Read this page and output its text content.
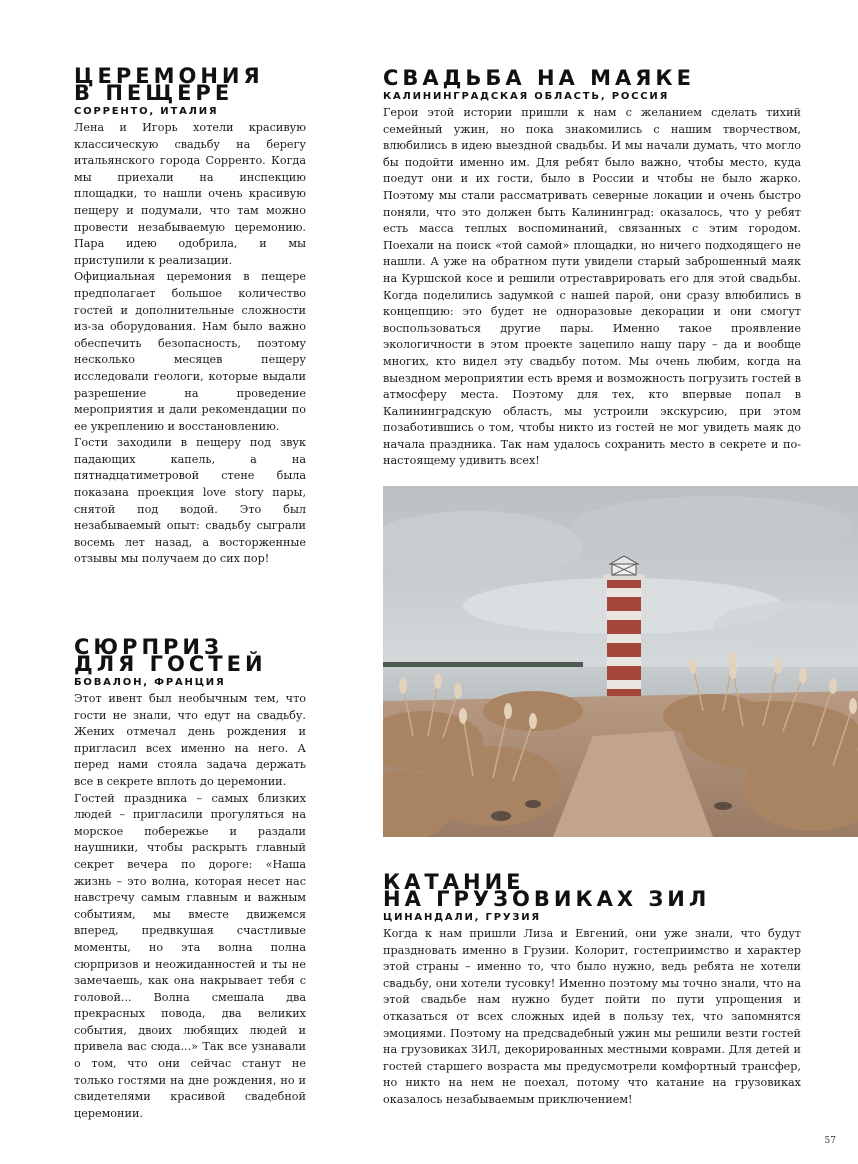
ЦЕРЕМОНИЯ
В ПЕЩЕРЕ
СОРРЕНТО, ИТАЛИЯ

Лена и Игорь хотели красивую классическую свадьбу на берегу итальянского города Сорренто. Когда мы приехали на инспекцию площадки, то нашли очень красивую пещеру и подумали, что там можно провести незабываемую церемонию. Пара идею одобрила, и мы приступили к реализации.

Официальная церемония в пещере предполагает большое количество гостей и дополнительные сложности из-за оборудования. Нам было важно обеспечить безопасность, поэтому несколько месяцев пещеру исследовали геологи, которые выдали разрешение на проведение мероприятия и дали рекомендации по ее укреплению и восстановлению.

Гости заходили в пещеру под звук падающих капель, а на пятнадцатиметровой стене была показана проекция love story пары, снятой под водой. Это был незабываемый опыт: свадьбу сыграли восемь лет назад, а восторженные отзывы мы получаем до сих пор!

СЮРПРИЗ
ДЛЯ ГОСТЕЙ
БОВАЛОН, ФРАНЦИЯ

Этот ивент был необычным тем, что гости не знали, что едут на свадьбу. Жених отмечал день рождения и пригласил всех именно на него. А перед нами стояла задача держать все в секрете вплоть до церемонии.

Гостей праздника – самых близких людей – пригласили прогуляться на морское побережье и раздали наушники, чтобы раскрыть главный секрет вечера по дороге: «Наша жизнь – это волна, которая несет нас навстречу самым главным и важным событиям, мы вместе движемся вперед, предвкушая счастливые моменты, но эта волна полна сюрпризов и неожиданностей и ты не замечаешь, как она накрывает тебя с головой... Волна смешала два прекрасных повода, два великих события, двоих любящих людей и привела вас сюда...» Так все узнавали о том, что они сейчас станут не только гостями на дне рождения, но и свидетелями красивой свадебной церемонии.

СВАДЬБА НА МАЯКЕ
КАЛИНИНГРАДСКАЯ ОБЛАСТЬ, РОССИЯ

Герои этой истории пришли к нам с желанием сделать тихий семейный ужин, но пока знакомились с нашим творчеством, влюбились в идею выездной свадьбы. И мы начали думать, что могло бы подойти именно им. Для ребят было важно, чтобы место, куда поедут они и их гости, было в России и чтобы не было жарко. Поэтому мы стали рассматривать северные локации и очень быстро поняли, что это должен быть Калининград: оказалось, что у ребят есть масса теплых воспоминаний, связанных с этим городом. Поехали на поиск «той самой» площадки, но ничего подходящего не нашли. А уже на обратном пути увидели старый заброшенный маяк на Куршской косе и решили отреставрировать его для этой свадьбы. Когда поделились задумкой с нашей парой, они сразу влюбились в концепцию: это будет не одноразовые декорации и они смогут воспользоваться другие пары. Именно такое проявление экологичности в этом проекте зацепило нашу пару – да и вообще многих, кто видел эту свадьбу потом. Мы очень любим, когда на выездном мероприятии есть время и возможность погрузить гостей в атмосферу места. Поэтому для тех, кто впервые попал в Калининградскую область, мы устроили экскурсию, при этом позаботившись о том, чтобы никто из гостей не мог увидеть маяк до начала праздника. Так нам удалось сохранить место в секрете и по-настоящему удивить всех!

КАТАНИЕ
НА ГРУЗОВИКАХ ЗИЛ
ЦИНАНДАЛИ, ГРУЗИЯ

Когда к нам пришли Лиза и Евгений, они уже знали, что будут праздновать именно в Грузии. Колорит, гостеприимство и характер этой страны – именно то, что было нужно, ведь ребята не хотели свадьбу, они хотели тусовку! Именно поэтому мы точно знали, что на этой свадьбе нам нужно будет пойти по пути упрощения и отказаться от всех сложных идей в пользу тех, что запомнятся эмоциями. Поэтому на предсвадебный ужин мы решили везти гостей на грузовиках ЗИЛ, декорированных местными коврами. Для детей и гостей старшего возраста мы предусмотрели комфортный трансфер, но никто на нем не поехал, потому что катание на грузовиках оказалось незабываемым приключением!

57
